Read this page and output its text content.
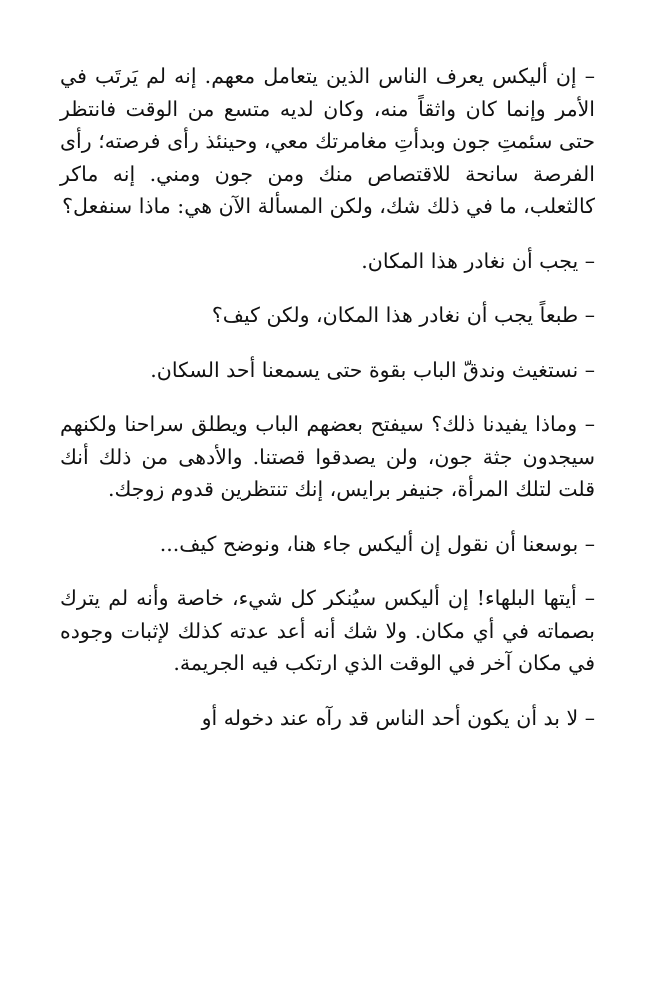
– إن أليكس يعرف الناس الذين يتعامل معهم. إنه لم يَرتَب في الأمر وإنما كان واثقاً منه، وكان لديه متسع من الوقت فانتظر حتى سئمتِ جون وبدأتِ مغامرتك معي، وحينئذ رأى فرصته؛ رأى الفرصة سانحة للاقتصاص منك ومن جون ومني. إنه ماكر كالثعلب، ما في ذلك شك، ولكن المسألة الآن هي: ماذا سنفعل؟

– يجب أن نغادر هذا المكان.

– طبعاً يجب أن نغادر هذا المكان، ولكن كيف؟

– نستغيث وندقّ الباب بقوة حتى يسمعنا أحد السكان.

– وماذا يفيدنا ذلك؟ سيفتح بعضهم الباب ويطلق سراحنا ولكنهم سيجدون جثة جون، ولن يصدقوا قصتنا. والأدهى من ذلك أنك قلت لتلك المرأة، جنيفر برايس، إنك تنتظرين قدوم زوجك.

– بوسعنا أن نقول إن أليكس جاء هنا، ونوضح كيف...

– أيتها البلهاء! إن أليكس سيُنكر كل شيء، خاصة وأنه لم يترك بصماته في أي مكان. ولا شك أنه أعد عدته كذلك لإثبات وجوده في مكان آخر في الوقت الذي ارتكب فيه الجريمة.

– لا بد أن يكون أحد الناس قد رآه عند دخوله أو
